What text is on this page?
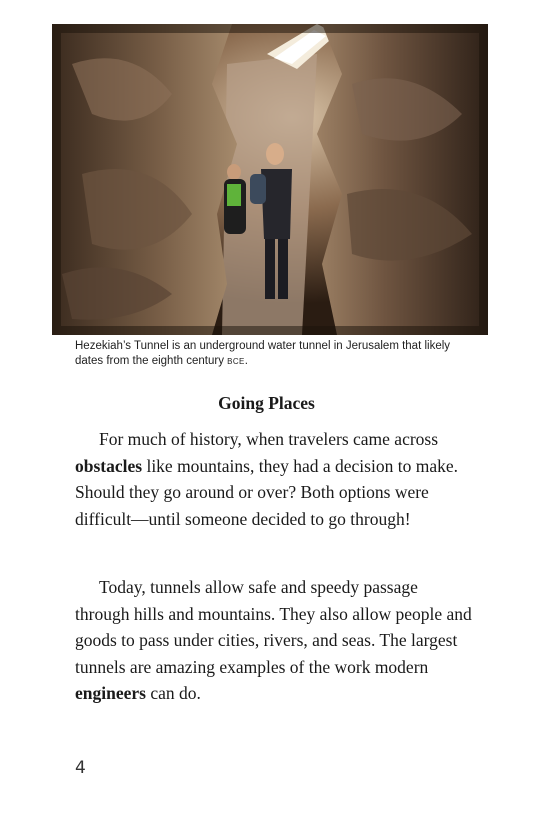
Hezekiah’s Tunnel is an underground water tunnel in Jerusalem that likely dates from the eighth century BCE.
Going Places

For much of history, when travelers came across obstacles like mountains, they had a decision to make. Should they go around or over? Both options were difficult—until someone decided to go through!

Today, tunnels allow safe and speedy passage through hills and mountains. They also allow people and goods to pass under cities, rivers, and seas. The largest tunnels are amazing examples of the work modern engineers can do.

4
